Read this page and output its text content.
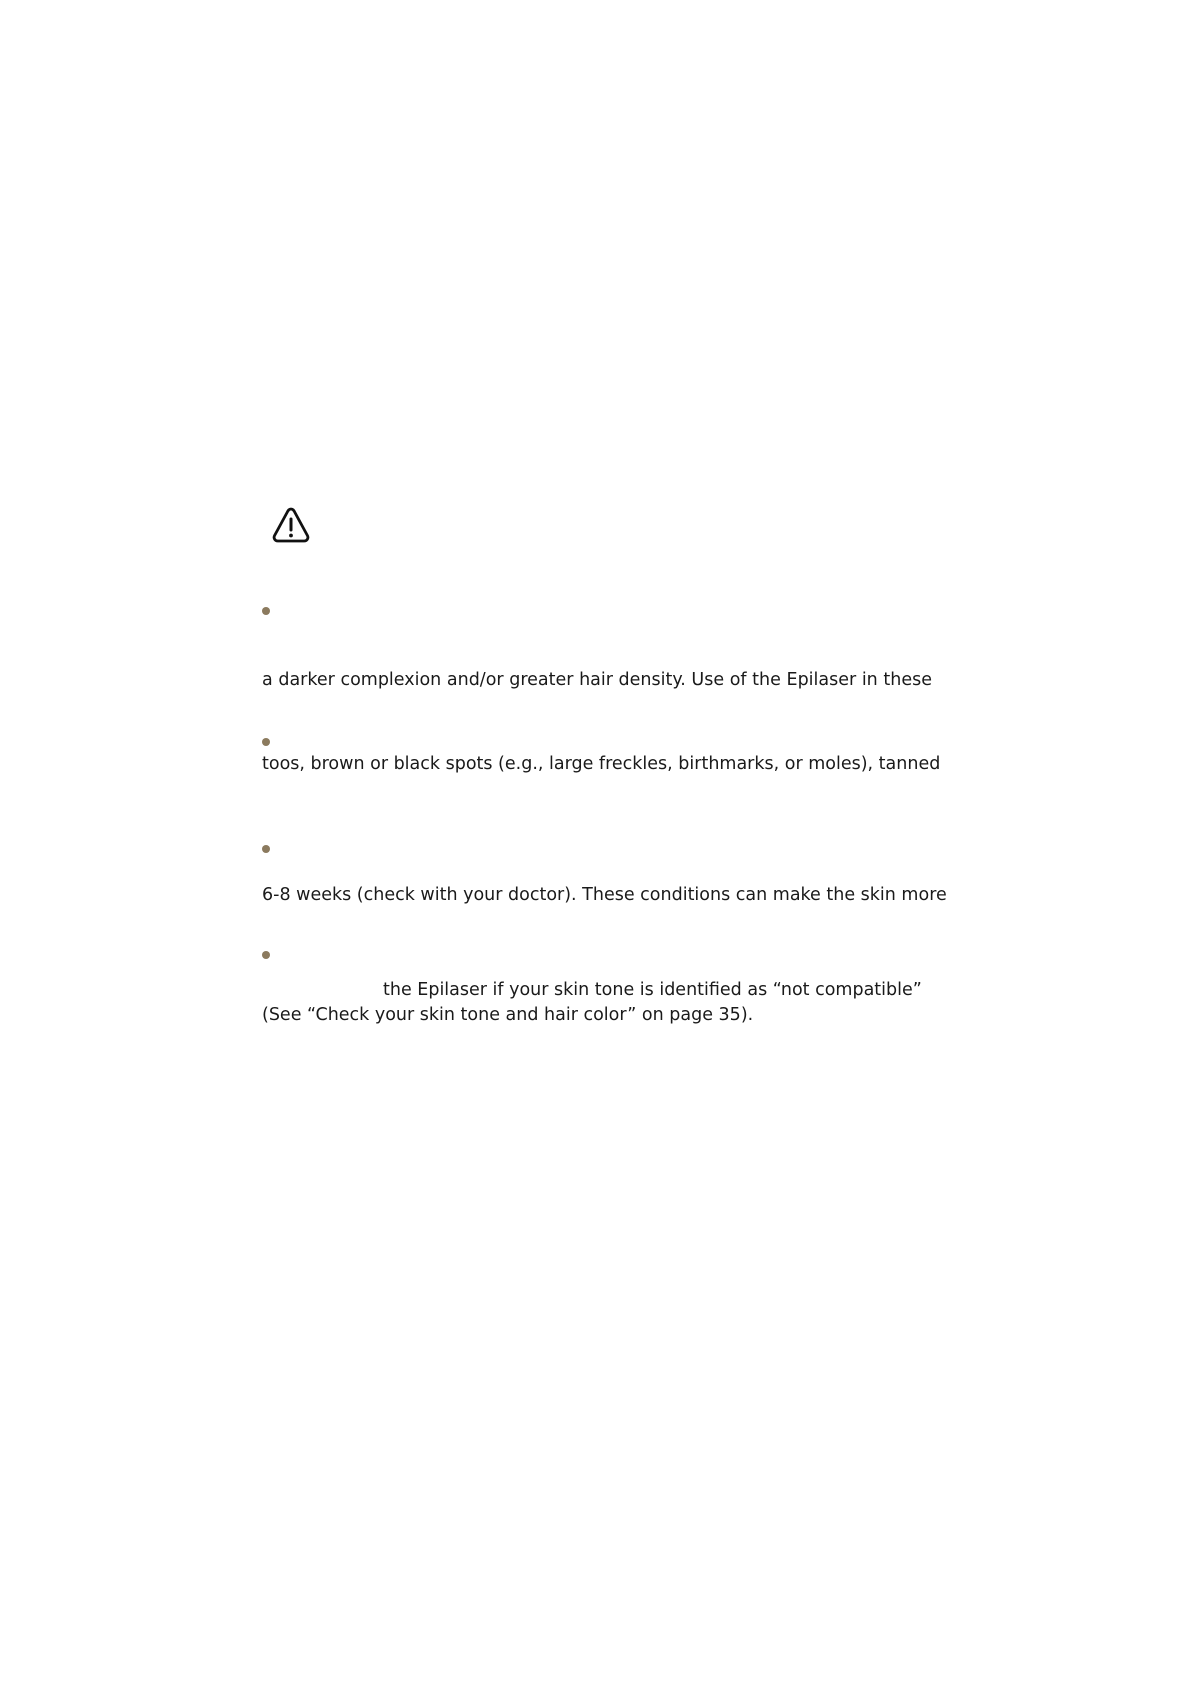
a darker complexion and/or greater hair density. Use of the Epilaser in these
toos, brown or black spots (e.g., large freckles, birthmarks, or moles), tanned
6-8 weeks (check with your doctor). These conditions can make the skin more
the Epilaser if your skin tone is identified as “not compatible”
(See “Check your skin tone and hair color” on page 35).
